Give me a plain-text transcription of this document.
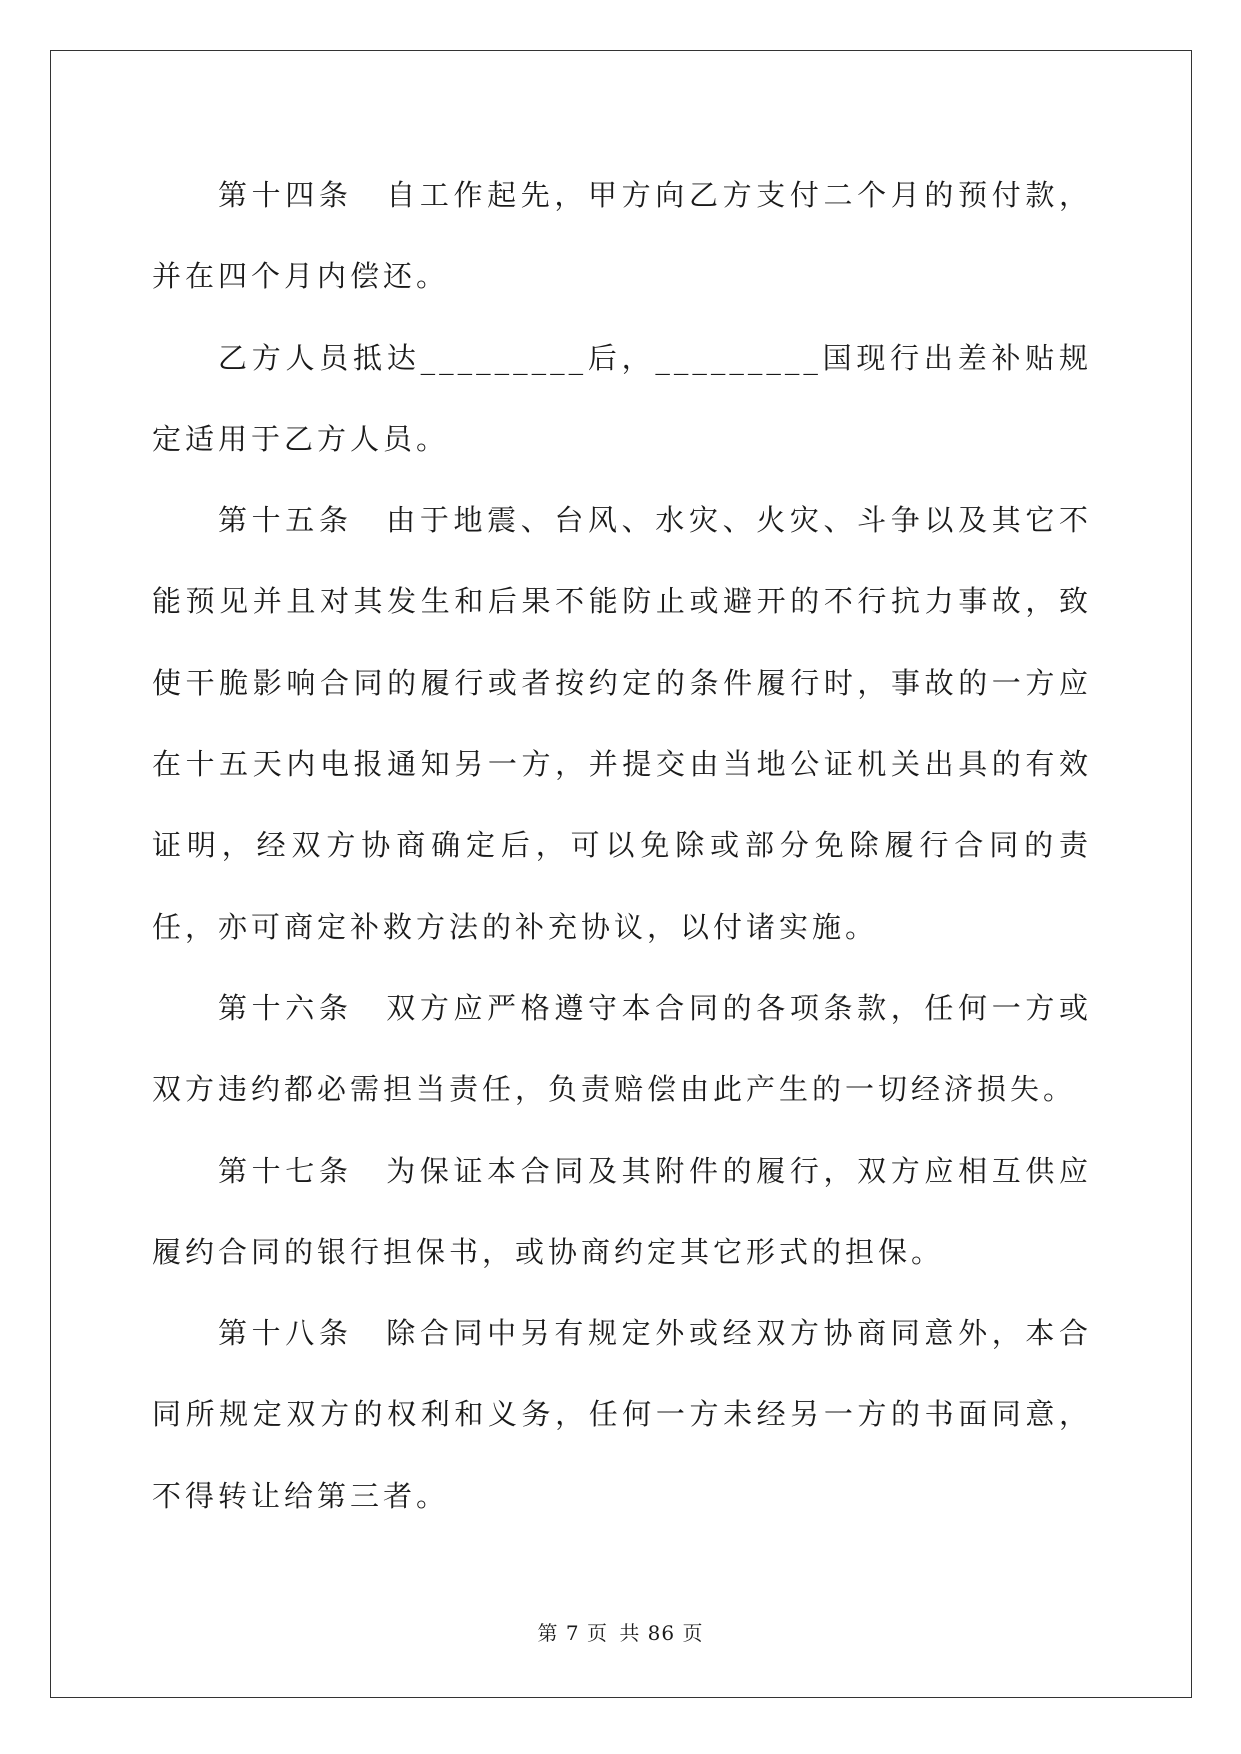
第十四条　自工作起先，甲方向乙方支付二个月的预付款，并在四个月内偿还。

乙方人员抵达_________后，_________国现行出差补贴规定适用于乙方人员。

第十五条　由于地震、台风、水灾、火灾、斗争以及其它不能预见并且对其发生和后果不能防止或避开的不行抗力事故，致使干脆影响合同的履行或者按约定的条件履行时，事故的一方应在十五天内电报通知另一方，并提交由当地公证机关出具的有效证明，经双方协商确定后，可以免除或部分免除履行合同的责任，亦可商定补救方法的补充协议，以付诸实施。

第十六条　双方应严格遵守本合同的各项条款，任何一方或双方违约都必需担当责任，负责赔偿由此产生的一切经济损失。

第十七条　为保证本合同及其附件的履行，双方应相互供应履约合同的银行担保书，或协商约定其它形式的担保。

第十八条　除合同中另有规定外或经双方协商同意外，本合同所规定双方的权利和义务，任何一方未经另一方的书面同意，不得转让给第三者。

第 7 页 共 86 页
